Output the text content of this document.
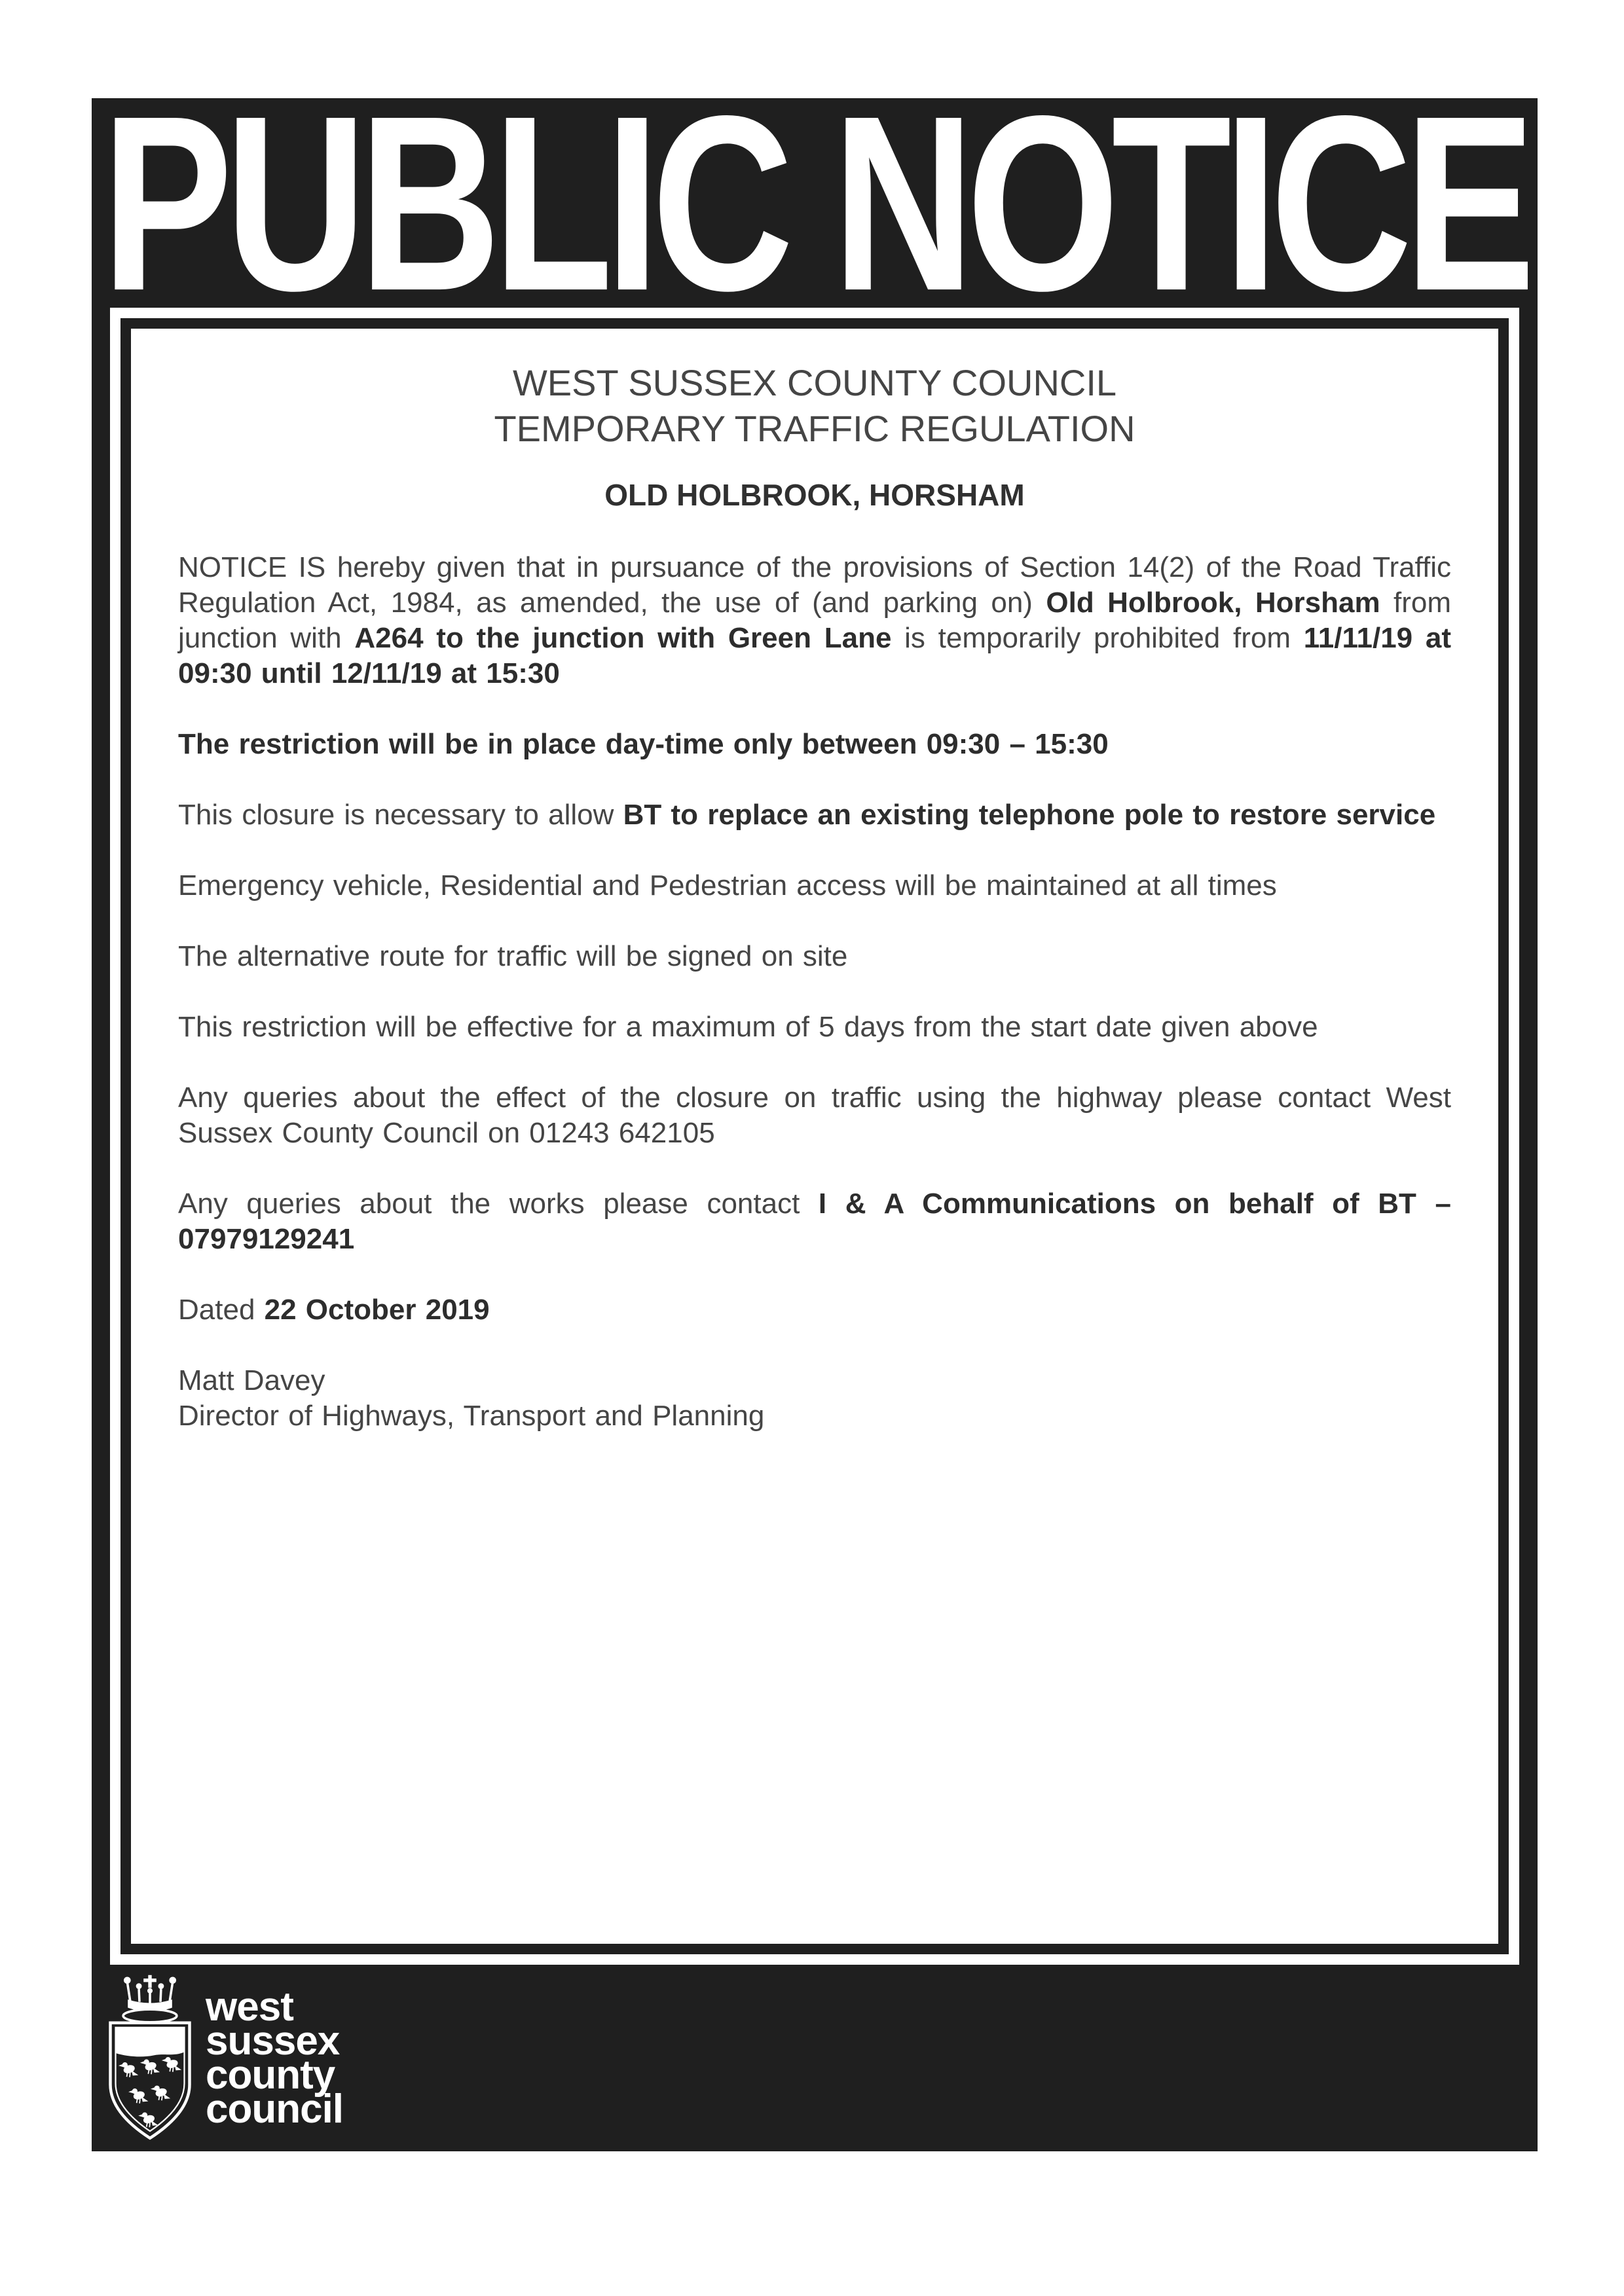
PUBLIC NOTICE
WEST SUSSEX COUNTY COUNCIL
TEMPORARY TRAFFIC REGULATION
OLD HOLBROOK, HORSHAM

NOTICE IS hereby given that in pursuance of the provisions of Section 14(2) of the Road Traffic Regulation Act, 1984, as amended, the use of (and parking on) Old Holbrook, Horsham from junction with A264 to the junction with Green Lane is temporarily prohibited from 11/11/19 at 09:30 until 12/11/19 at 15:30

The restriction will be in place day-time only between 09:30 – 15:30

This closure is necessary to allow BT to replace an existing telephone pole to restore service

Emergency vehicle, Residential and Pedestrian access will be maintained at all times

The alternative route for traffic will be signed on site

This restriction will be effective for a maximum of 5 days from the start date given above

Any queries about the effect of the closure on traffic using the highway please contact West Sussex County Council on 01243 642105

Any queries about the works please contact I & A Communications on behalf of BT – 07979129241

Dated 22 October 2019

Matt Davey

Director of Highways, Transport and Planning

west
sussex
county
council
